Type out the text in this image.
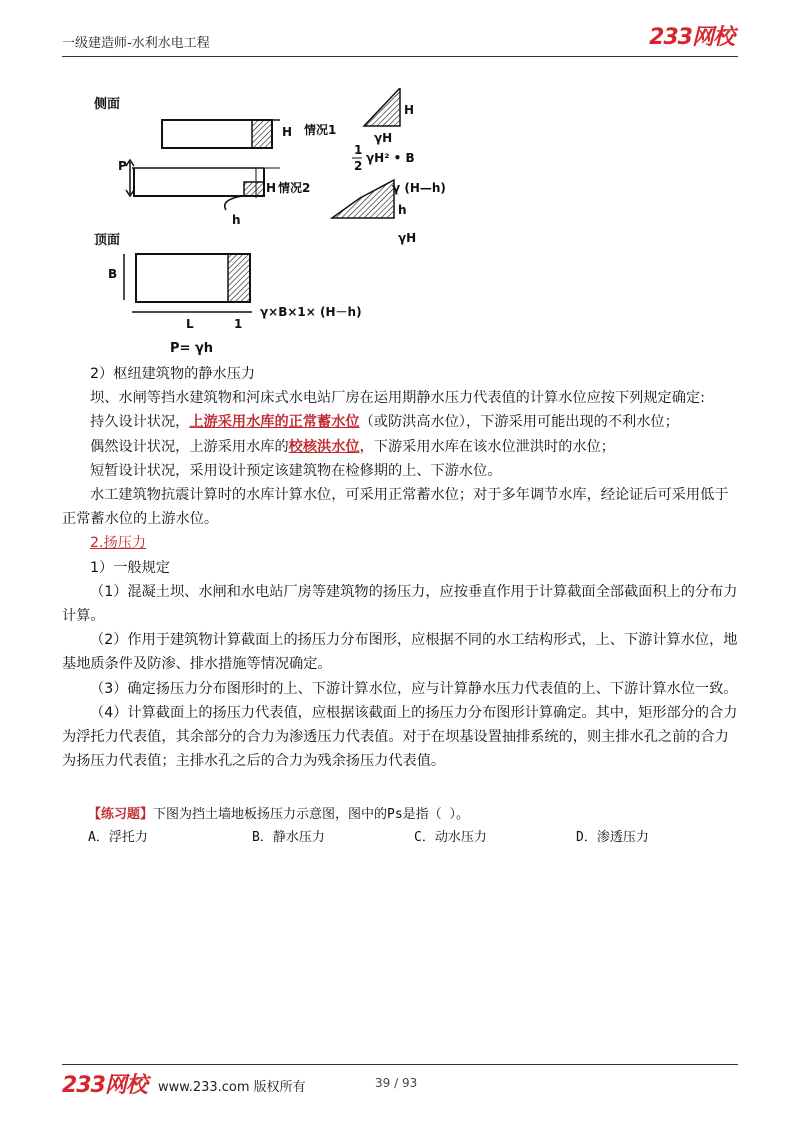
一级建造师-水利水电工程	233网校
侧面
H 情况1
P
H 情况2
h
顶面
B
L	1
γ×B×1× (H－h)
P= γh
H
γH
1
2
γH² • B
γ (H—h)
h
γH

2）枢纽建筑物的静水压力

坝、水闸等挡水建筑物和河床式水电站厂房在运用期静水压力代表值的计算水位应按下列规定确定:

持久设计状况，上游采用水库的正常蓄水位（或防洪高水位），下游采用可能出现的不利水位；

偶然设计状况，上游采用水库的校核洪水位，下游采用水库在该水位泄洪时的水位；

短暂设计状况，采用设计预定该建筑物在检修期的上、下游水位。

水工建筑物抗震计算时的水库计算水位，可采用正常蓄水位；对于多年调节水库，经论证后可采用低于正常蓄水位的上游水位。

2.扬压力

1）一般规定

（1）混凝土坝、水闸和水电站厂房等建筑物的扬压力，应按垂直作用于计算截面全部截面积上的分布力计算。

（2）作用于建筑物计算截面上的扬压力分布图形，应根据不同的水工结构形式，上、下游计算水位，地基地质条件及防渗、排水措施等情况确定。

（3）确定扬压力分布图形时的上、下游计算水位，应与计算静水压力代表值的上、下游计算水位一致。

（4）计算截面上的扬压力代表值，应根据该截面上的扬压力分布图形计算确定。其中，矩形部分的合力为浮托力代表值，其余部分的合力为渗透压力代表值。对于在坝基设置抽排系统的，则主排水孔之前的合力为扬压力代表值；主排水孔之后的合力为残余扬压力代表值。

【练习题】下图为挡土墙地板扬压力示意图，图中的Ps是指（ ）。
A．浮托力	B．静水压力	C．动水压力	D．渗透压力
233网校 www.233.com 版权所有	39 / 93
